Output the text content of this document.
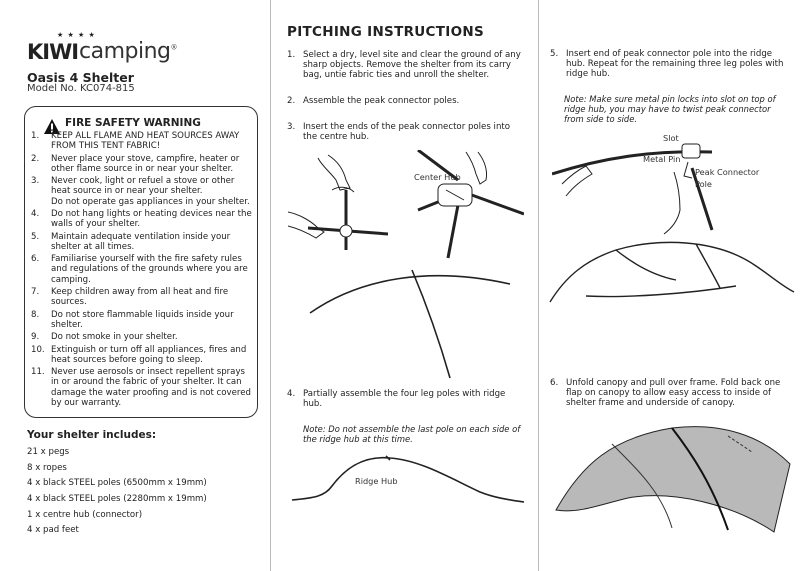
★ ★ ★ ★
KIWI camping®
Oasis 4 Shelter
Model No. KC074-815
FIRE SAFETY WARNING
1. KEEP ALL FLAME AND HEAT SOURCES AWAY FROM THIS TENT FABRIC!
2. Never place your stove, campfire, heater or other flame source in or near your shelter.
3. Never cook, light or refuel a stove or other heat source in or near your shelter.
Do not operate gas appliances in your shelter.
4. Do not hang lights or heating devices near the walls of your shelter.
5. Maintain adequate ventilation inside your shelter at all times.
6. Familiarise yourself with the fire safety rules and regulations of the grounds where you are camping.
7. Keep children away from all heat and fire sources.
8. Do not store flammable liquids inside your shelter.
9. Do not smoke in your shelter.
10. Extinguish or turn off all appliances, fires and heat sources before going to sleep.
11. Never use aerosols or insect repellent sprays in or around the fabric of your shelter. It can damage the water proofing and is not covered by our warranty.
Your shelter includes:
21 x pegs
8 x ropes
4 x black STEEL poles (6500mm x 19mm)
4 x black STEEL poles (2280mm x 19mm)
1 x centre hub (connector)
4 x pad feet
PITCHING INSTRUCTIONS
1. Select a dry, level site and clear the ground of any sharp objects. Remove the shelter from its carry bag, untie fabric ties and unroll the shelter.
2. Assemble the peak connector poles.
3. Insert the ends of the peak connector poles into the centre hub.
Center Hub
4. Partially assemble the four leg poles with ridge hub.
Note: Do not assemble the last pole on each side of the ridge hub at this time.
Ridge Hub
5. Insert end of peak connector pole into the ridge hub. Repeat for the remaining three leg poles with ridge hub.
Note: Make sure metal pin locks into slot on top of ridge hub, you may have to twist peak connector from side to side.
Slot
Metal Pin
Peak Connector
Pole
6. Unfold canopy and pull over frame. Fold back one flap on canopy to allow easy access to inside of shelter frame and underside of canopy.
